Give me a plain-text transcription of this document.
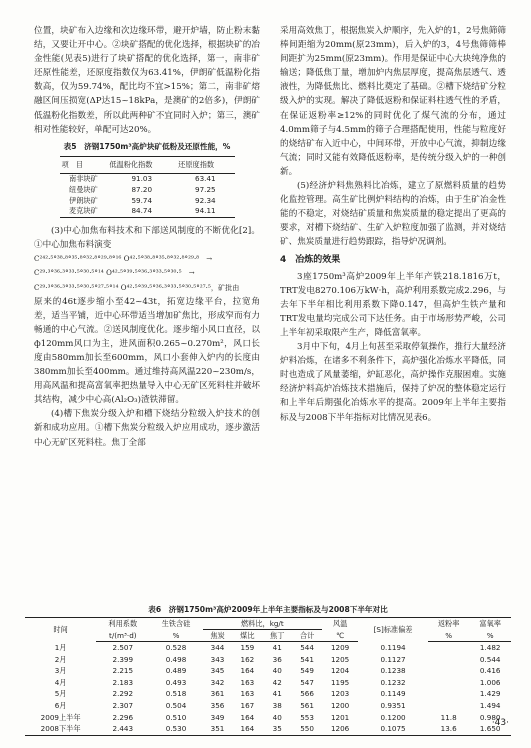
位置，块矿布入边缘和次边缘环带，避开炉墙，防止粉末黏结，又要让开中心。②块矿搭配的优化选择，根据块矿的冶金性能(见表5)进行了块矿搭配的优化选择，第一，南非矿还原性能差，还原度指数仅为63.41%，伊朗矿低温粉化指数高，仅为59.74%，配比均不宜>15%；第二，南非矿熔融区间压损宽(ΔP达15~18kPa，是澳矿的2倍多)，伊朗矿低温粉化指数差，所以此两种矿不宜同时入炉；第三，澳矿相对性能较好，单配可达20%。

表5　济钢1750m³高炉块矿低粉及还原性能，%
项　目	低温粉化指数	还原度指数
南非块矿	91.03	63.41
纽曼块矿	87.20	97.25
伊朗块矿	59.74	92.34
麦克块矿	84.74	94.11

(3)中心加焦布料技术和下部送风制度的不断优化[2]。①中心加焦布料演变

C²⁴²·⁵°³⁸·⁸°³⁵·⁸°³²·⁸°²⁹·⁸°¹⁶ O⁴²·⁵°³⁸·⁸°³⁵·⁸°³²·⁸°²⁹·⁸　 →
C²⁹·³°³⁶·³°³³·⁵°³⁰·⁵°¹⁴ O⁴²·⁵°³⁹·⁵°³⁶·³°³³·⁵°³⁰·⁵　 →
C²⁹·³°³⁶·³°³³·⁵°³⁰·⁵°²⁷·⁵°¹⁴ O⁴²·⁵°³⁹·⁵°³⁶·³°³³·⁵°³⁰·⁵°²⁷·⁵，矿批由

原来的46t逐步缩小至42~43t，拓宽边缘平台，拉宽角差，适当平铺，近中心环带适当增加矿焦比，形成窄而有力畅通的中心气流。②送风制度优化。逐步缩小风口直径，以ф120mm风口为主，进风面积0.265~0.270m²，风口长度由580mm加长至600mm，风口小套伸入炉内的长度由380mm加长至400mm。通过维持高风温220~230m/s，用高风温和提高富氧率把热量导入中心无矿区死料柱并破坏其结构，减少中心高(Al₂O₃)渣铁滞留。

(4)槽下焦炭分级入炉和槽下烧结分粒级入炉技术的创新和成功应用。①槽下焦炭分粒级入炉应用成功，逐步激活中心无矿区死料柱。焦丁全部

采用高效焦丁，根据焦炭入炉顺序，先入炉的1，2号焦筛筛棒间距缩为20mm(原23mm)，后入炉的3，4号焦筛筛棒间距扩为25mm(原23mm)。作用是保证中心大块纯净焦的输送；降低焦丁量，增加炉内焦层厚度，提高焦层透气、透液性，为降低焦比、燃料比奠定了基础。②槽下烧结矿分粒级入炉的实现。解决了降低返粉和保证料柱透气性的矛盾，在保证返粉率≥12%的同时优化了煤气流的分布，通过4.0mm筛子与4.5mm的筛子合理搭配使用，性能与粒度好的烧结矿布入近中心，中间环带，开放中心气流，抑制边缘气流；同时又能有效降低返粉率，是传统分级入炉的一种创新。

(5)经济炉料焦熟料比冶炼，建立了原燃料质量的趋势化监控管理。高生矿比例炉料结构的冶炼，由于生矿冶金性能的不稳定，对烧结矿质量和焦炭质量的稳定提出了更高的要求，对槽下烧结矿、生矿入炉粒度加强了监测，并对烧结矿、焦炭质量进行趋势跟踪，指导炉况调剂。

4　冶炼的效果

3座1750m³高炉2009年上半年产铁218.1816万t，TRT发电8270.106万kW·h，高炉利用系数完成2.296，与去年下半年相比利用系数下降0.147，但高炉生铁产量和TRT发电量均完成公司下达任务。由于市场形势严峻，公司上半年初采取限产生产，降低富氧率。

3月中下旬，4月上旬甚至采取停氧操作，推行大量经济炉料冶炼，在诸多不利条件下，高炉强化冶炼水平降低，同时也造成了风量萎缩，炉缸恶化，高炉操作克服困难。实施经济炉料高炉冶炼技术措施后，保持了炉况的整体稳定运行和上半年后期强化冶炼水平的提高。2009年上半年主要指标及与2008下半年指标对比情况见表6。

表6　济钢1750m³高炉2009年上半年主要指标及与2008下半年对比
时间	利用系数	生铁含硅	燃料比，kg/t				风温	[S]标准偏差	返粉率	富氧率
	t/(m³·d)	%	焦炭	煤比	焦丁	合计	℃		%	%
1月	2.507	0.528	344	159	41	544	1209	0.1194		1.482
2月	2.399	0.498	343	162	36	541	1205	0.1127		0.544
3月	2.215	0.489	345	164	40	549	1204	0.1238		0.416
4月	2.183	0.493	342	163	42	547	1195	0.1232		1.006
5月	2.292	0.518	361	163	41	566	1203	0.1149		1.429
6月	2.307	0.504	356	167	38	561	1200	0.9351		1.494
2009上半年	2.296	0.510	349	164	40	553	1201	0.1200	11.8	0.980
2008下半年	2.443	0.530	351	164	35	550	1206	0.1075	13.6	1.650
·43·
